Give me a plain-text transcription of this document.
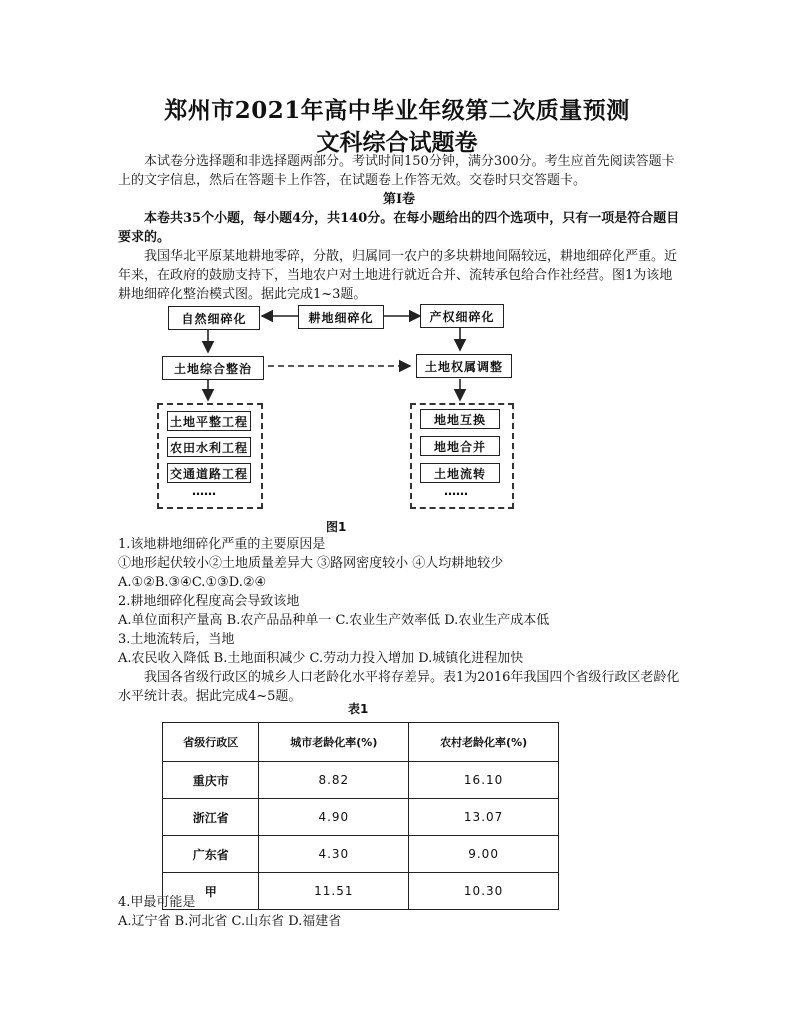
郑州市2021年高中毕业年级第二次质量预测
文科综合试题卷

本试卷分选择题和非选择题两部分。考试时间150分钟，满分300分。考生应首先阅读答题卡上的文字信息，然后在答题卡上作答，在试题卷上作答无效。交卷时只交答题卡。

第Ⅰ卷

本卷共35个小题，每小题4分，共140分。在每小题给出的四个选项中，只有一项是符合题目要求的。

我国华北平原某地耕地零碎，分散，归属同一农户的多块耕地间隔较远，耕地细碎化严重。近年来，在政府的鼓励支持下，当地农户对土地进行就近合并、流转承包给合作社经营。图1为该地耕地细碎化整治模式图。据此完成1~3题。

自然细碎化	耕地细碎化	产权细碎化
土地综合整治	土地权属调整
土地平整工程
农田水利工程
交通道路工程
……
地地互换
地地合并
土地流转
……
图1

1.该地耕地细碎化严重的主要原因是

①地形起伏较小②土地质量差异大 ③路网密度较小 ④人均耕地较少

A.①②B.③④C.①③D.②④

2.耕地细碎化程度高会导致该地

A.单位面积产量高 B.农产品品种单一 C.农业生产效率低 D.农业生产成本低

3.土地流转后，当地

A.农民收入降低 B.土地面积减少 C.劳动力投入增加 D.城镇化进程加快

我国各省级行政区的城乡人口老龄化水平将存差异。表1为2016年我国四个省级行政区老龄化水平统计表。据此完成4~5题。

表1
省级行政区	城市老龄化率(%)	农村老龄化率(%)
重庆市	8.82	16.10
浙江省	4.90	13.07
广东省	4.30	9.00
甲	11.51	10.30

4.甲最可能是

A.辽宁省 B.河北省 C.山东省 D.福建省
